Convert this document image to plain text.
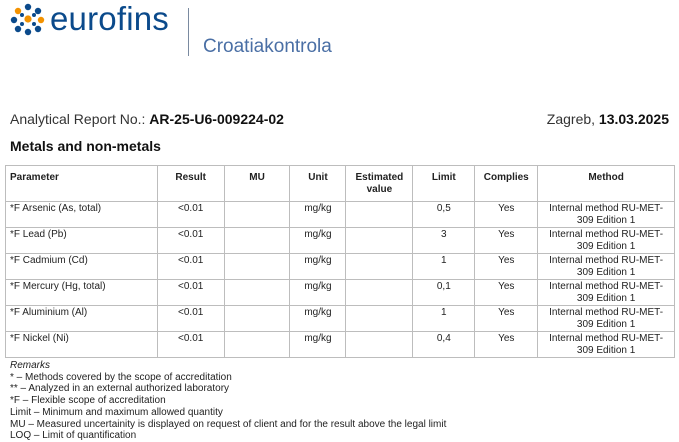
eurofins
Croatiakontrola
Analytical Report No.: AR-25-U6-009224-02	Zagreb, 13.03.2025
Metals and non-metals
Parameter	Result	MU	Unit	Estimated value	Limit	Complies	Method
*F Arsenic (As, total)	<0.01		mg/kg		0,5	Yes	Internal method RU-MET-309 Edition 1
*F Lead (Pb)	<0.01		mg/kg		3	Yes	Internal method RU-MET-309 Edition 1
*F Cadmium (Cd)	<0.01		mg/kg		1	Yes	Internal method RU-MET-309 Edition 1
*F Mercury (Hg, total)	<0.01		mg/kg		0,1	Yes	Internal method RU-MET-309 Edition 1
*F Aluminium (Al)	<0.01		mg/kg		1	Yes	Internal method RU-MET-309 Edition 1
*F Nickel (Ni)	<0.01		mg/kg		0,4	Yes	Internal method RU-MET-309 Edition 1
Remarks
* – Methods covered by the scope of accreditation
** – Analyzed in an external authorized laboratory
*F – Flexible scope of accreditation
Limit – Minimum and maximum allowed quantity
MU – Measured uncertainity is displayed on request of client and for the result above the legal limit
LOQ – Limit of quantification
